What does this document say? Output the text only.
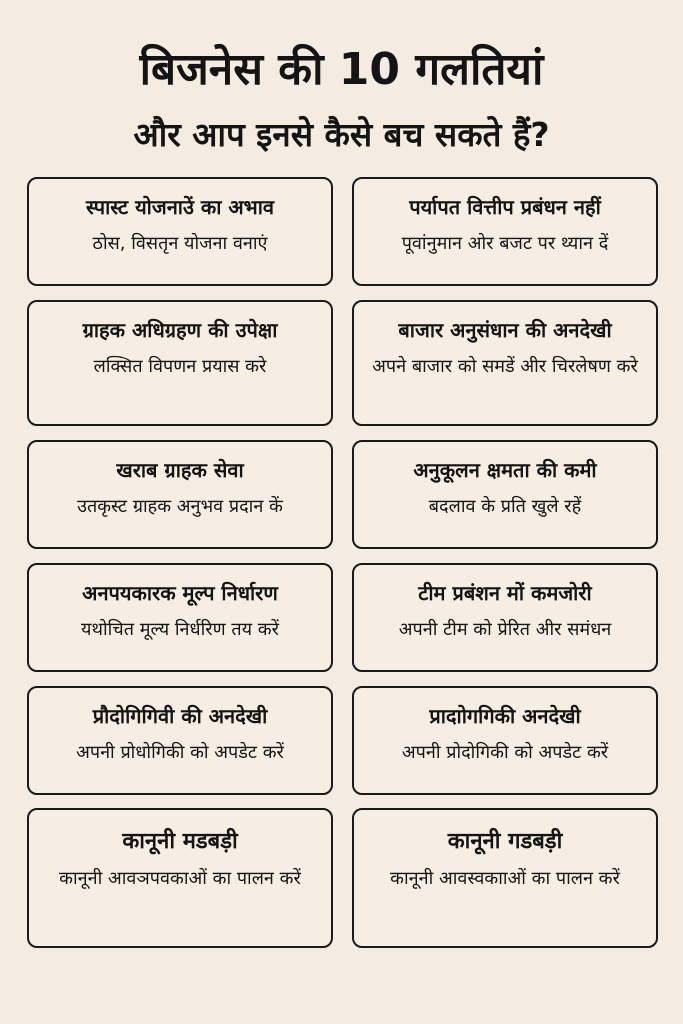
बिजनेस की 10 गलतियां
और आप इनसे कैसे बच सकते हैं?
स्पास्ट योजनाउें का अभाव
ठोस, विसतृन योजना वनाएं
पर्यापत वित्तीप प्रबंधन नहीं
पूवांनुमान ओर बजट पर थ्यान दें
ग्राहक अधिग्रहण की उपेक्षा
लक्सित विपणन प्रयास करे
बाजार अनुसंधान की अनदेखी
अपने बाजार को समडें अीर चिरलेषण करे
खराब ग्राहक सेवा
उतकृस्ट ग्राहक अनुभव प्रदान कें
अनुकूलन क्षमता की कमी
बदलाव के प्रति खुले रहें
अनपयकारक मूल्प निर्धारण
यथोचित मूल्य निर्धरिण तय करें
टीम प्रबंशन मों कमजोरी
अपनी टीम को प्रेरित अीर समंधन
प्रौदोगिगिवी की अनदेखी
अपनी प्रोधोगिकी को अपडेट करें
प्रादाोगगिकी अनदेखी
अपनी प्रोदोगिकी को अपडेट करें
कानूनी मडबड़ी
कानूनी आवञपवकाओं का पालन करें
कानूनी गडबड़ी
कानूनी आवस्वका‌ाओं का पालन करें
